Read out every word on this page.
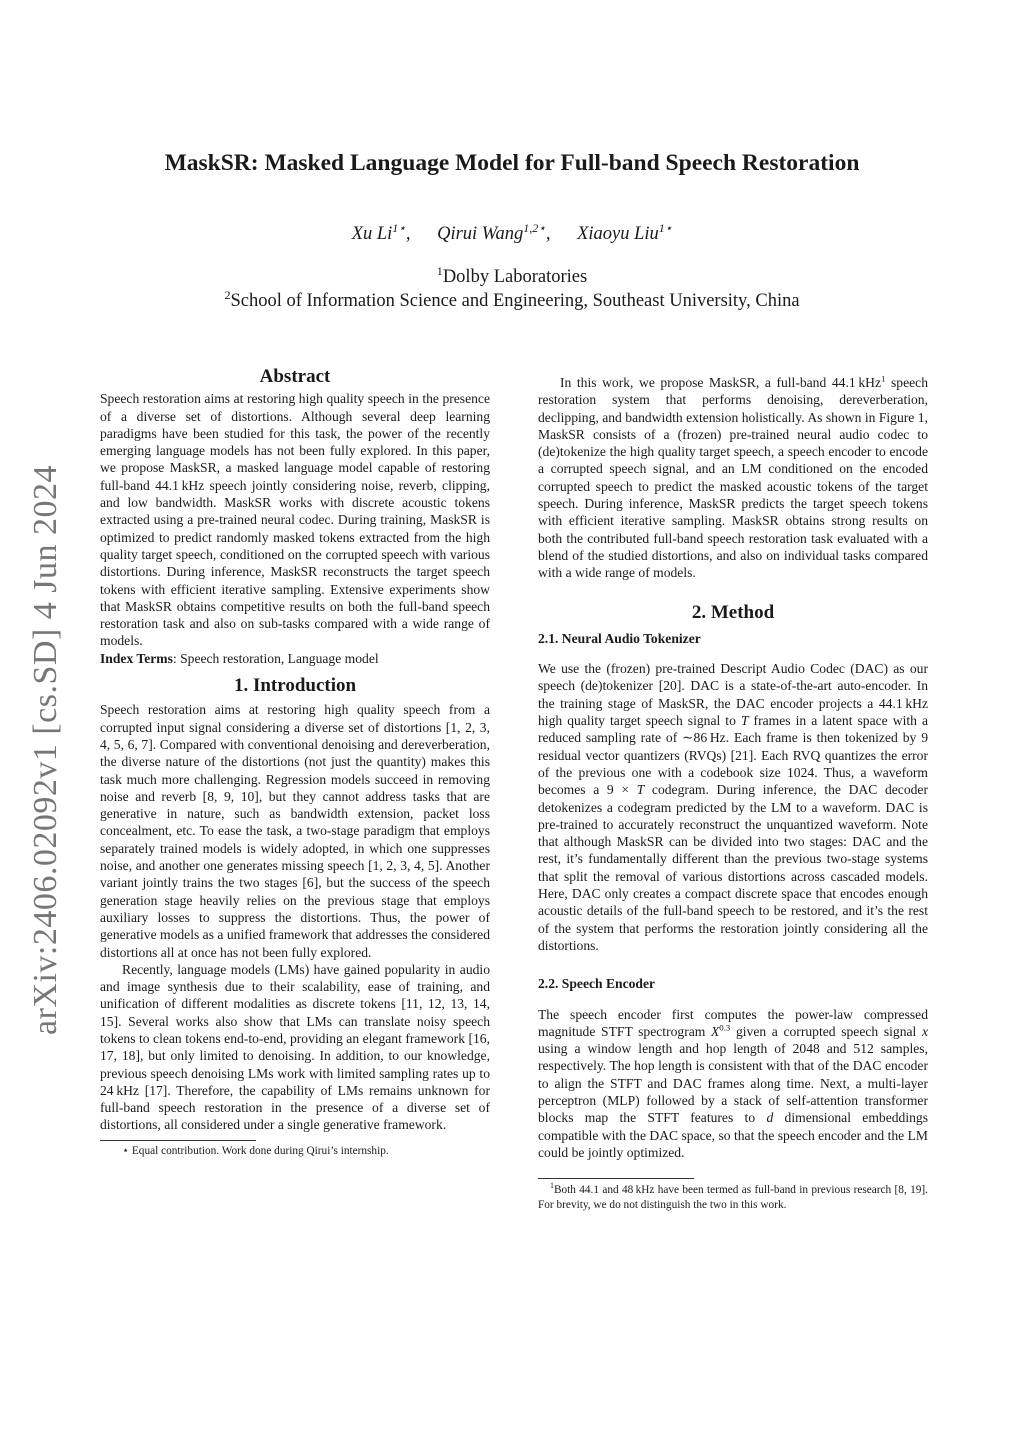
arXiv:2406.02092v1 [cs.SD] 4 Jun 2024
MaskSR: Masked Language Model for Full-band Speech Restoration
Xu $Li^{1⋆}$, Qirui Wang$^{1,2⋆}$, Xiaoyu Liu$^{1⋆}$
$^1$Dolby Laboratories
$^2$School of Information Science and Engineering, Southeast University, China
Abstract

Speech restoration aims at restoring high quality speech in the presence of a diverse set of distortions. Although several deep learning paradigms have been studied for this task, the power of the recently emerging language models has not been fully explored. In this paper, we propose MaskSR, a masked language model capable of restoring full-band 44.1 kHz speech jointly considering noise, reverb, clipping, and low bandwidth. MaskSR works with discrete acoustic tokens extracted using a pre-trained neural codec. During training, MaskSR is optimized to predict randomly masked tokens extracted from the high quality target speech, conditioned on the corrupted speech with various distortions. During inference, MaskSR reconstructs the target speech tokens with efficient iterative sampling. Extensive experiments show that MaskSR obtains competitive results on both the full-band speech restoration task and also on sub-tasks compared with a wide range of models.

Index Terms: Speech restoration, Language model

1. Introduction

Speech restoration aims at restoring high quality speech from a corrupted input signal considering a diverse set of distortions [1, 2, 3, 4, 5, 6, 7]. Compared with conventional denoising and dereverberation, the diverse nature of the distortions (not just the quantity) makes this task much more challenging. Regression models succeed in removing noise and reverb [8, 9, 10], but they cannot address tasks that are generative in nature, such as bandwidth extension, packet loss concealment, etc. To ease the task, a two-stage paradigm that employs separately trained models is widely adopted, in which one suppresses noise, and another one generates missing speech [1, 2, 3, 4, 5]. Another variant jointly trains the two stages [6], but the success of the speech generation stage heavily relies on the previous stage that employs auxiliary losses to suppress the distortions. Thus, the power of generative models as a unified framework that addresses the considered distortions all at once has not been fully explored.

Recently, language models (LMs) have gained popularity in audio and image synthesis due to their scalability, ease of training, and unification of different modalities as discrete tokens [11, 12, 13, 14, 15]. Several works also show that LMs can translate noisy speech tokens to clean tokens end-to-end, providing an elegant framework [16, 17, 18], but only limited to denoising. In addition, to our knowledge, previous speech denoising LMs work with limited sampling rates up to 24 kHz [17]. Therefore, the capability of LMs remains unknown for full-band speech restoration in the presence of a diverse set of distortions, all considered under a single generative framework.

⋆ Equal contribution. Work done during Qirui’s internship.

In this work, we propose MaskSR, a full-band 44.1 kHz$^1$ speech restoration system that performs denoising, dereverberation, declipping, and bandwidth extension holistically. As shown in Figure 1, MaskSR consists of a (frozen) pre-trained neural audio codec to (de)tokenize the high quality target speech, a speech encoder to encode a corrupted speech signal, and an LM conditioned on the encoded corrupted speech to predict the masked acoustic tokens of the target speech. During inference, MaskSR predicts the target speech tokens with efficient iterative sampling. MaskSR obtains strong results on both the contributed full-band speech restoration task evaluated with a blend of the studied distortions, and also on individual tasks compared with a wide range of models.

2. Method
2.1. Neural Audio Tokenizer

We use the (frozen) pre-trained Descript Audio Codec (DAC) as our speech (de)tokenizer [20]. DAC is a state-of-the-art auto-encoder. In the training stage of MaskSR, the DAC encoder projects a 44.1 kHz high quality target speech signal to T frames in a latent space with a reduced sampling rate of ∼86 Hz. Each frame is then tokenized by 9 residual vector quantizers (RVQs) [21]. Each RVQ quantizes the error of the previous one with a codebook size 1024. Thus, a waveform becomes a 9 × T codegram. During inference, the DAC decoder detokenizes a codegram predicted by the LM to a waveform. DAC is pre-trained to accurately reconstruct the unquantized waveform. Note that although MaskSR can be divided into two stages: DAC and the rest, it’s fundamentally different than the previous two-stage systems that split the removal of various distortions across cascaded models. Here, DAC only creates a compact discrete space that encodes enough acoustic details of the full-band speech to be restored, and it’s the rest of the system that performs the restoration jointly considering all the distortions.

2.2. Speech Encoder

The speech encoder first computes the power-law compressed magnitude STFT spectrogram $X^{0.3}$ given a corrupted speech signal x using a window length and hop length of 2048 and 512 samples, respectively. The hop length is consistent with that of the DAC encoder to align the STFT and DAC frames along time. Next, a multi-layer perceptron (MLP) followed by a stack of self-attention transformer blocks map the STFT features to d dimensional embeddings compatible with the DAC space, so that the speech encoder and the LM could be jointly optimized.

$^1$Both 44.1 and 48 kHz have been termed as full-band in previous research [8, 19]. For brevity, we do not distinguish the two in this work.
